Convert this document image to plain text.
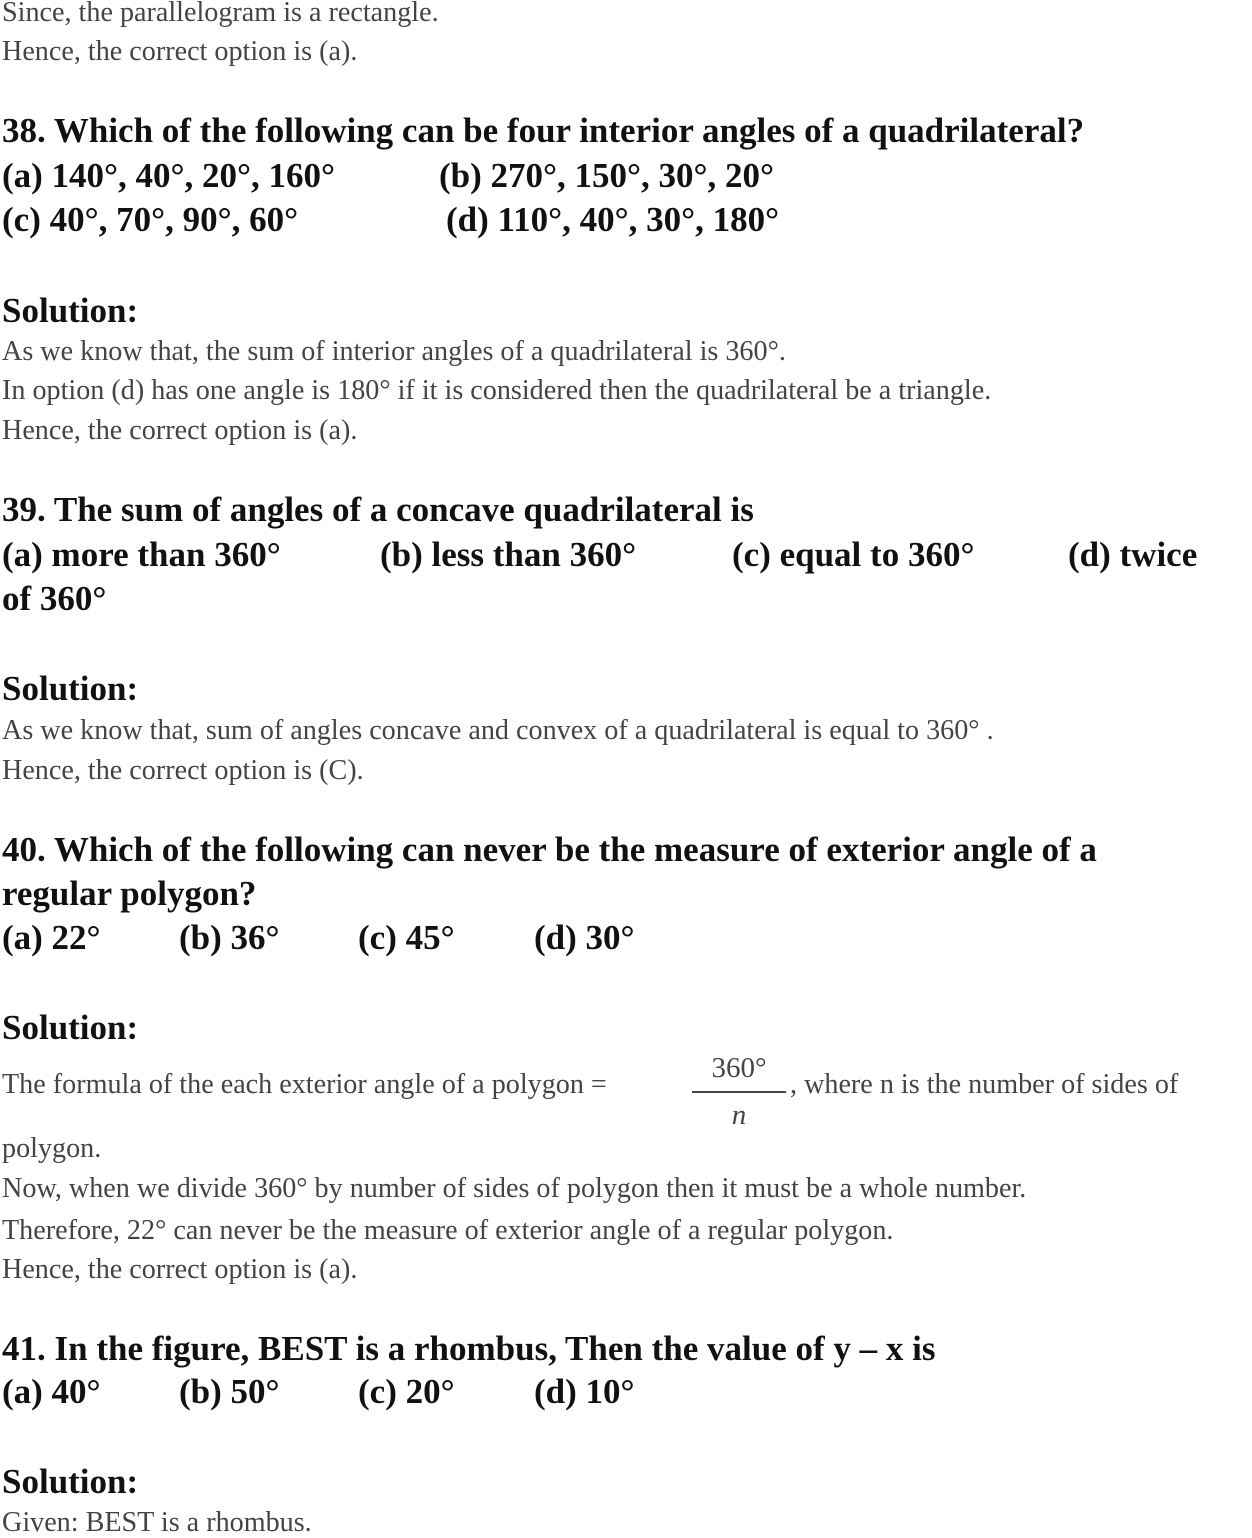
Since, the parallelogram is a rectangle.
Hence, the correct option is (a).
38. Which of the following can be four interior angles of a quadrilateral?
(a) 140°, 40°, 20°, 160°	(b) 270°, 150°, 30°, 20°
(c) 40°, 70°, 90°, 60°	(d) 110°, 40°, 30°, 180°
Solution:
As we know that, the sum of interior angles of a quadrilateral is 360°.
In option (d) has one angle is 180° if it is considered then the quadrilateral be a triangle.
Hence, the correct option is (a).
39. The sum of angles of a concave quadrilateral is
(a) more than 360°	(b) less than 360°	(c) equal to 360°	(d) twice
of 360°
Solution:
As we know that, sum of angles concave and convex of a quadrilateral is equal to 360° .
Hence, the correct option is (C).
40. Which of the following can never be the measure of exterior angle of a
regular polygon?
(a) 22° (b) 36° (c) 45° (d) 30°
Solution:
The formula of the each exterior angle of a polygon =	$\frac{360^\circ}{n}$ , where n is the number of sides of
polygon.
Now, when we divide 360° by number of sides of polygon then it must be a whole number.
Therefore, 22° can never be the measure of exterior angle of a regular polygon.
Hence, the correct option is (a).
41. In the figure, BEST is a rhombus, Then the value of y – x is
(a) 40° (b) 50° (c) 20° (d) 10°
Solution:
Given: BEST is a rhombus.
